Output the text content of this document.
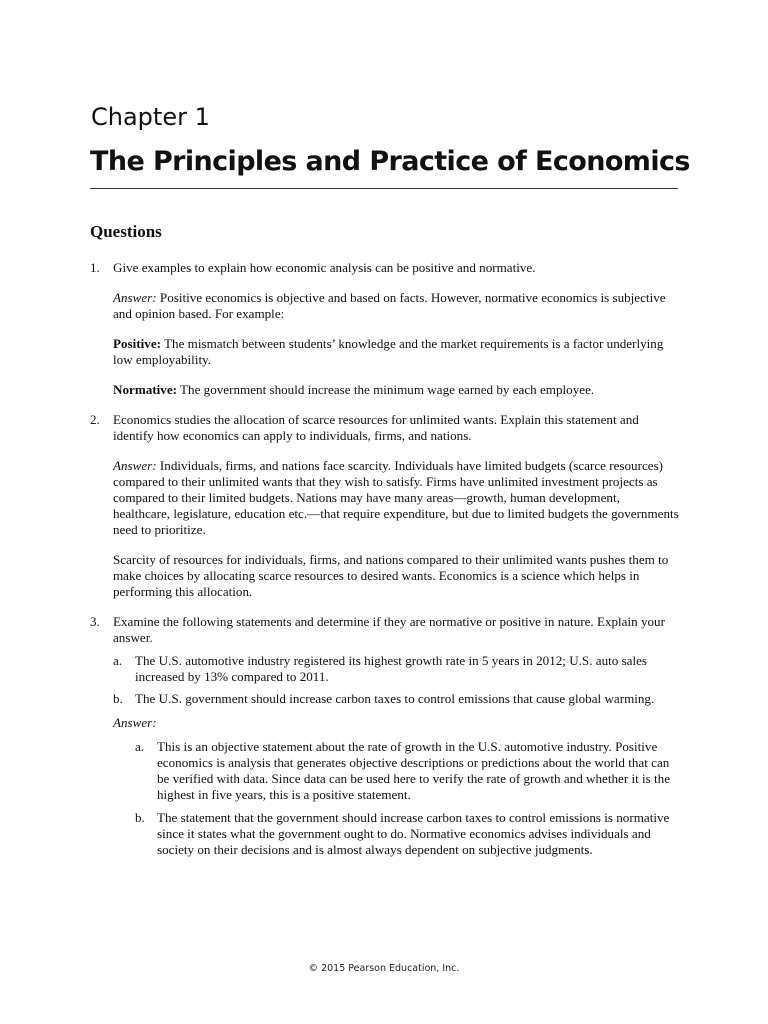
Chapter 1
The Principles and Practice of Economics
Questions
1. Give examples to explain how economic analysis can be positive and normative.

Answer: Positive economics is objective and based on facts. However, normative economics is subjective and opinion based. For example:

Positive: The mismatch between students’ knowledge and the market requirements is a factor underlying low employability.

Normative: The government should increase the minimum wage earned by each employee.

2. Economics studies the allocation of scarce resources for unlimited wants. Explain this statement and identify how economics can apply to individuals, firms, and nations.

Answer: Individuals, firms, and nations face scarcity. Individuals have limited budgets (scarce resources) compared to their unlimited wants that they wish to satisfy. Firms have unlimited investment projects as compared to their limited budgets. Nations may have many areas—growth, human development, healthcare, legislature, education etc.—that require expenditure, but due to limited budgets the governments need to prioritize.

Scarcity of resources for individuals, firms, and nations compared to their unlimited wants pushes them to make choices by allocating scarce resources to desired wants. Economics is a science which helps in performing this allocation.

3. Examine the following statements and determine if they are normative or positive in nature. Explain your answer.

a. The U.S. automotive industry registered its highest growth rate in 5 years in 2012; U.S. auto sales increased by 13% compared to 2011.
b. The U.S. government should increase carbon taxes to control emissions that cause global warming.

Answer:

a. This is an objective statement about the rate of growth in the U.S. automotive industry. Positive economics is analysis that generates objective descriptions or predictions about the world that can be verified with data. Since data can be used here to verify the rate of growth and whether it is the highest in five years, this is a positive statement.
b. The statement that the government should increase carbon taxes to control emissions is normative since it states what the government ought to do. Normative economics advises individuals and society on their decisions and is almost always dependent on subjective judgments.
© 2015 Pearson Education, Inc.
